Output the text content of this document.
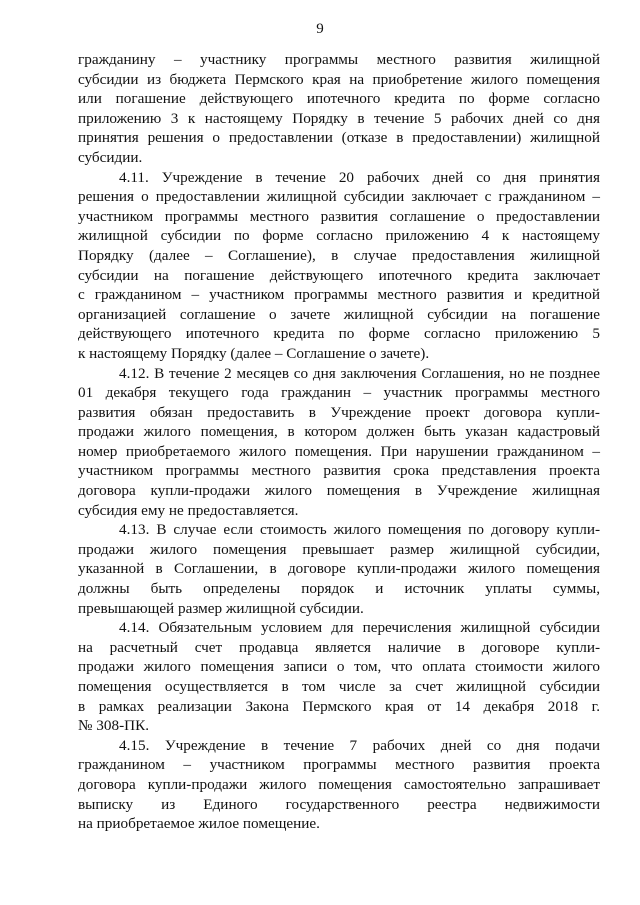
9

гражданину – участнику программы местного развития жилищной
субсидии из бюджета Пермского края на приобретение жилого помещения
или погашение действующего ипотечного кредита по форме согласно
приложению 3 к настоящему Порядку в течение 5 рабочих дней со дня
принятия решения о предоставлении (отказе в предоставлении) жилищной
субсидии.

4.11. Учреждение в течение 20 рабочих дней со дня принятия
решения о предоставлении жилищной субсидии заключает с гражданином –
участником программы местного развития соглашение о предоставлении
жилищной субсидии по форме согласно приложению 4 к настоящему
Порядку (далее – Соглашение), в случае предоставления жилищной
субсидии на погашение действующего ипотечного кредита заключает
с гражданином – участником программы местного развития и кредитной
организацией соглашение о зачете жилищной субсидии на погашение
действующего ипотечного кредита по форме согласно приложению 5
к настоящему Порядку (далее – Соглашение о зачете).

4.12. В течение 2 месяцев со дня заключения Соглашения, но не позднее
01 декабря текущего года гражданин – участник программы местного
развития обязан предоставить в Учреждение проект договора купли-
продажи жилого помещения, в котором должен быть указан кадастровый
номер приобретаемого жилого помещения. При нарушении гражданином –
участником программы местного развития срока представления проекта
договора купли-продажи жилого помещения в Учреждение жилищная
субсидия ему не предоставляется.

4.13. В случае если стоимость жилого помещения по договору купли-
продажи жилого помещения превышает размер жилищной субсидии,
указанной в Соглашении, в договоре купли-продажи жилого помещения
должны быть определены порядок и источник уплаты суммы,
превышающей размер жилищной субсидии.

4.14. Обязательным условием для перечисления жилищной субсидии
на расчетный счет продавца является наличие в договоре купли-
продажи жилого помещения записи о том, что оплата стоимости жилого
помещения осуществляется в том числе за счет жилищной субсидии
в рамках реализации Закона Пермского края от 14 декабря 2018 г.
№ 308-ПК.

4.15. Учреждение в течение 7 рабочих дней со дня подачи
гражданином – участником программы местного развития проекта
договора купли-продажи жилого помещения самостоятельно запрашивает
выписку из Единого государственного реестра недвижимости
на приобретаемое жилое помещение.
